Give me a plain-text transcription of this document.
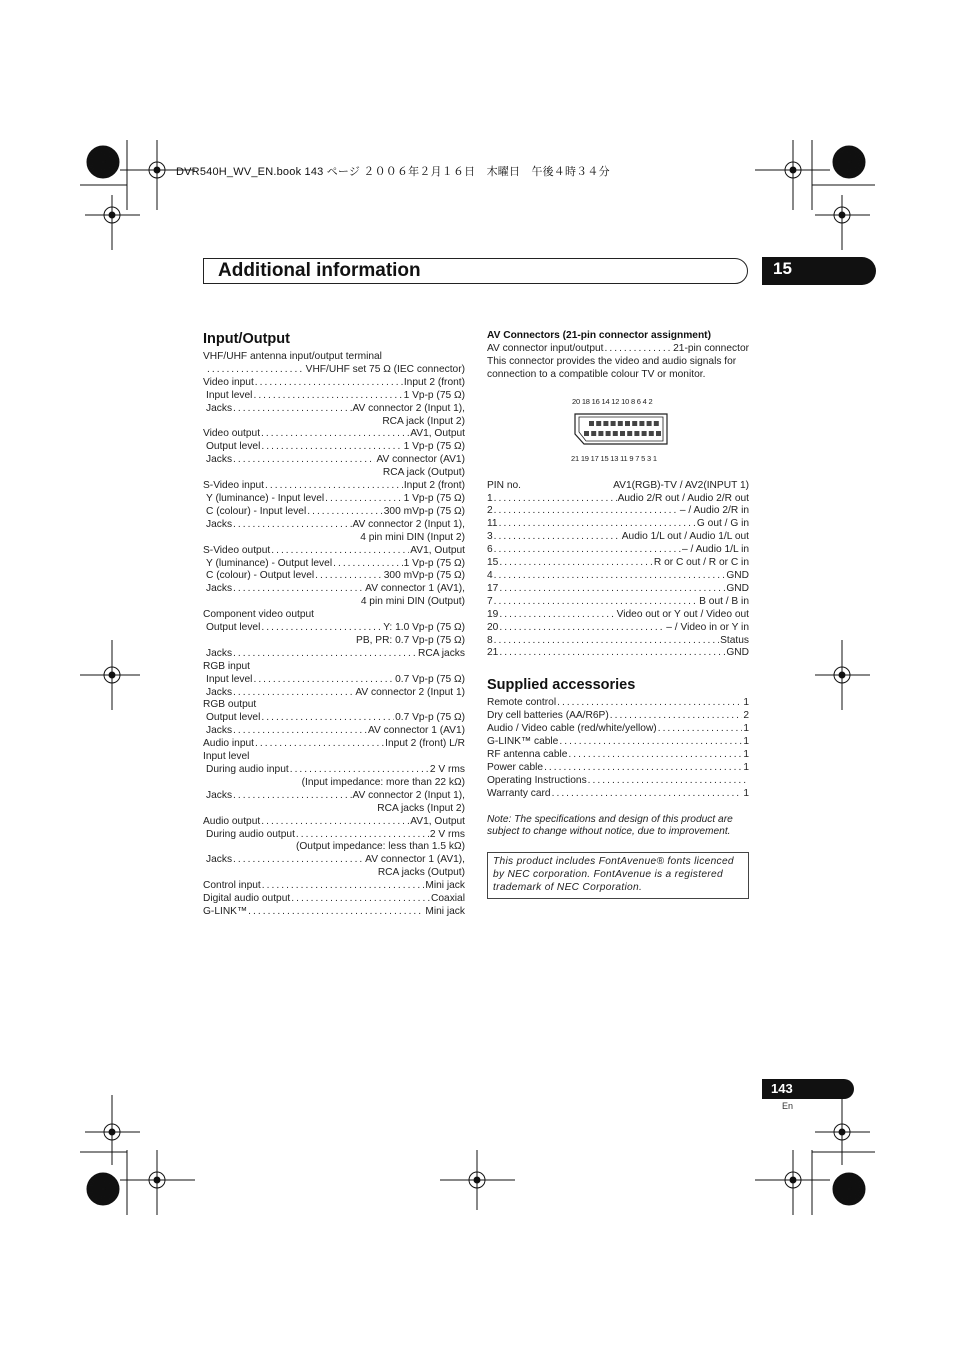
DVR540H_WV_EN.book 143 ページ ２００６年２月１６日　木曜日　午後４時３４分
Additional information	15
Input/Output
VHF/UHF antenna input/output terminal
. . .
VHF/UHF set 75 Ω (IEC connector)
Video input . . .	Input 2 (front)
Input level . . .	1 Vp-p (75 Ω)
Jacks . . .	AV connector 2 (Input 1),
RCA jack (Input 2)
Video output . . .	AV1, Output
Output level . . .	1 Vp-p (75 Ω)
Jacks . . .	AV connector (AV1)
RCA jack (Output)
S-Video input . . .	Input 2 (front)
Y (luminance) - Input level . . .	1 Vp-p (75 Ω)
C (colour) - Input level . . .	300 mVp-p (75 Ω)
Jacks . . .	AV connector 2 (Input 1),
4 pin mini DIN (Input 2)
S-Video output . . .	AV1, Output
Y (luminance) - Output level . . .	1 Vp-p (75 Ω)
C (colour) - Output level . . .	300 mVp-p (75 Ω)
Jacks . . .	AV connector 1 (AV1),
4 pin mini DIN (Output)
Component video output
Output level . . .	Y: 1.0 Vp-p (75 Ω)
PB, PR: 0.7 Vp-p (75 Ω)
Jacks . . .	RCA jacks
RGB input
Input level . . .	0.7 Vp-p (75 Ω)
Jacks . . .	AV connector 2 (Input 1)
RGB output
Output level . . .	0.7 Vp-p (75 Ω)
Jacks . . .	AV connector 1 (AV1)
Audio input . . .	Input 2 (front) L/R
Input level
During audio input . . .	2 V rms
(Input impedance: more than 22 kΩ)
Jacks . . .	AV connector 2 (Input 1),
RCA jacks (Input 2)
Audio output . . .	AV1, Output
During audio output . . .	2 V rms
(Output impedance: less than 1.5 kΩ)
Jacks . . .	AV connector 1 (AV1),
RCA jacks (Output)
Control input . . .	Mini jack
Digital audio output . . .	Coaxial
G-LINK™ . . .	Mini jack
AV Connectors (21-pin connector assignment)
AV connector input/output . . .	21-pin connector
This connector provides the video and audio signals for connection to a compatible colour TV or monitor.
20 18 16 14 12 10 8 6 4 2
21 19 17 15 13 11 9 7 5 3 1
PIN no.	AV1(RGB)-TV / AV2(INPUT 1)
1 . . .	Audio 2/R out / Audio 2/R out
2 . . .	– / Audio 2/R in
11 . . .	G out / G in
3 . . .	Audio 1/L out / Audio 1/L out
6 . . .	– / Audio 1/L in
15 . . .	R or C out / R or C in
4 . . .	GND
17 . . .	GND
7 . . .	B out / B in
19 . . .	Video out or Y out / Video out
20 . . .	– / Video in or Y in
8 . . .	Status
21 . . .	GND
Supplied accessories
Remote control . . .	1
Dry cell batteries (AA/R6P) . . .	2
Audio / Video cable (red/white/yellow) . . .	1
G-LINK™ cable . . .	1
RF antenna cable . . .	1
Power cable . . .	1
Operating Instructions
. . .
Warranty card . . .	1
Note: The specifications and design of this product are subject to change without notice, due to improvement.
This product includes FontAvenue® fonts licenced by NEC corporation. FontAvenue is a registered trademark of NEC Corporation.
143
En
